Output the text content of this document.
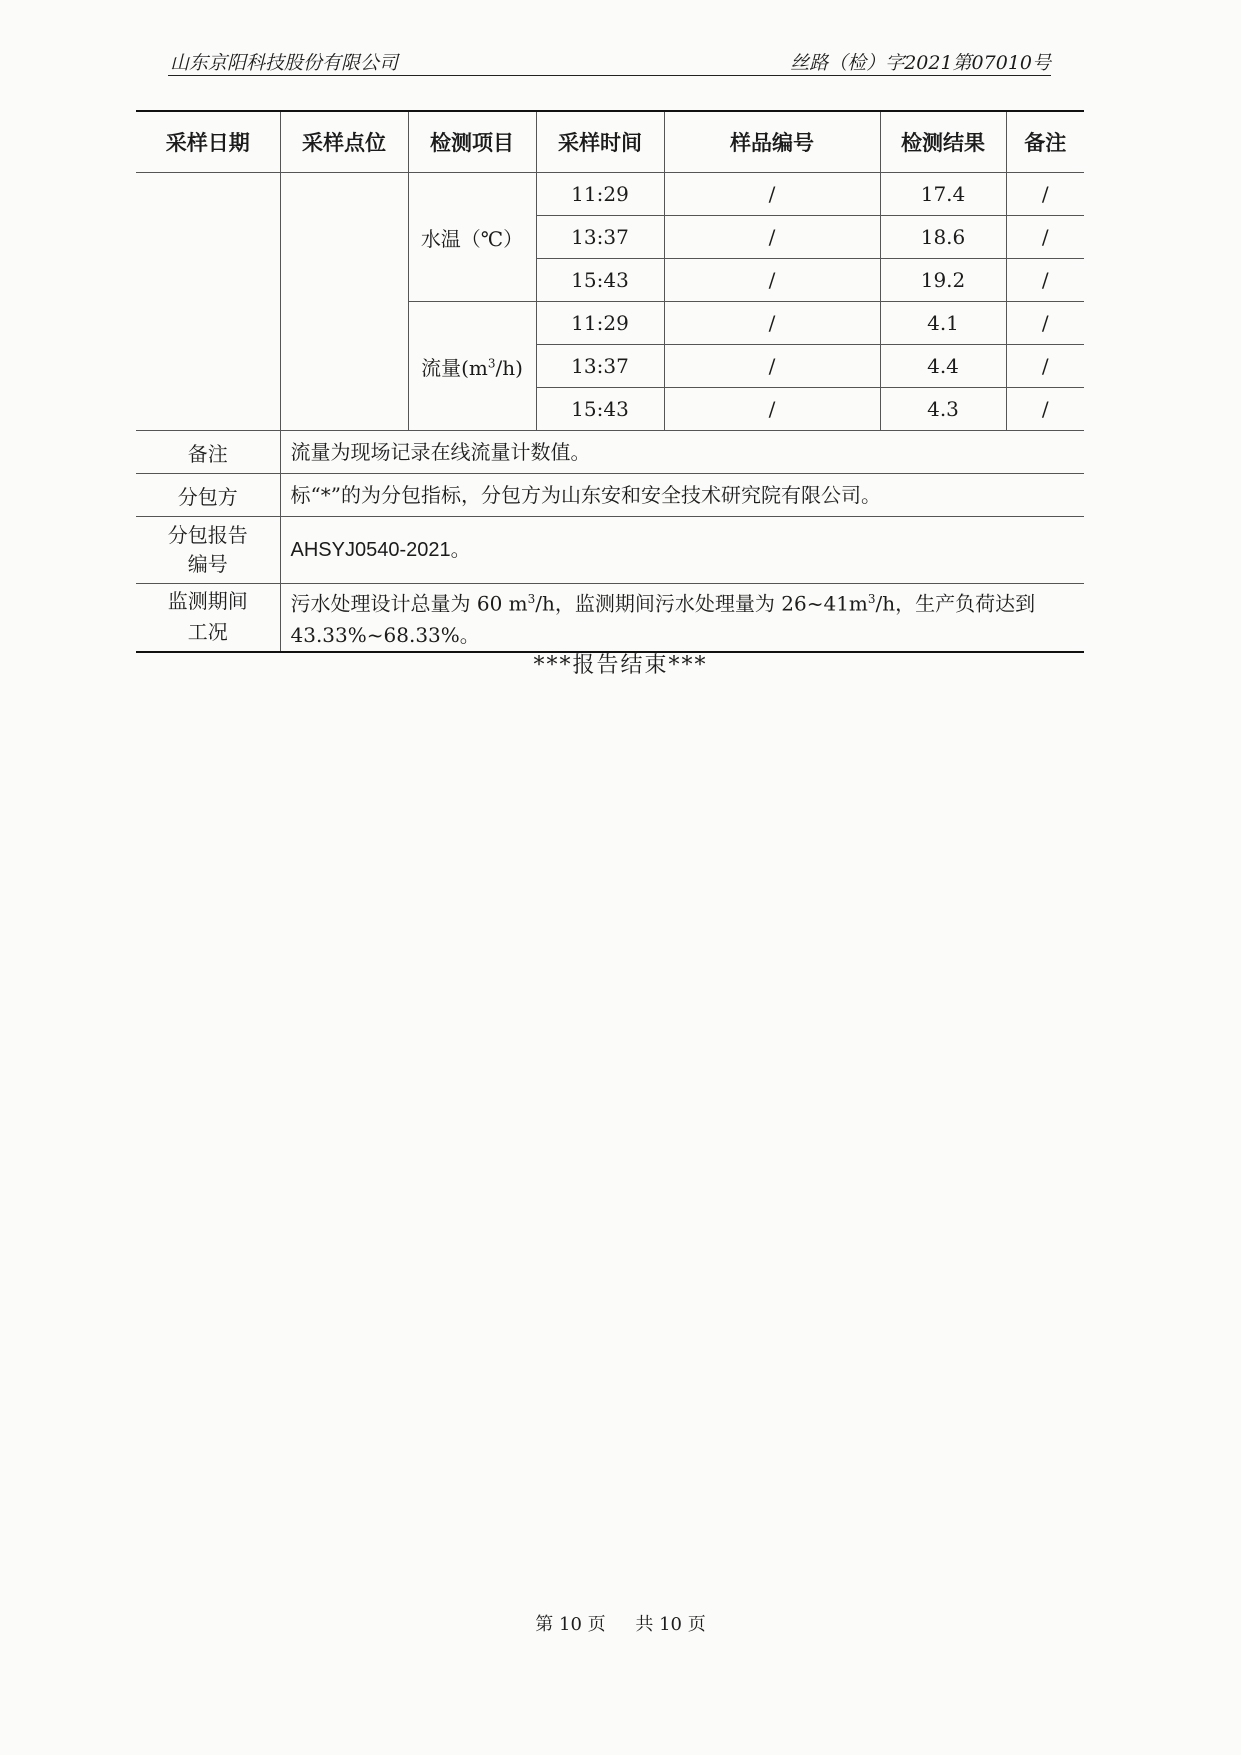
山东京阳科技股份有限公司	丝路（检）字2021第07010号
采样日期	采样点位	检测项目	采样时间	样品编号	检测结果	备注
		水温（℃）	11:29	/	17.4	/
			13:37	/	18.6	/
			15:43	/	19.2	/
		流量$(m^3/h)$	11:29	/	4.1	/
			13:37	/	4.4	/
			15:43	/	4.3	/
备注	流量为现场记录在线流量计数值。					
分包方	标“*”的为分包指标，分包方为山东安和安全技术研究院有限公司。					
分包报告
编号	AHSYJ0540-2021。					
监测期间
工况	污水处理设计总量为 60 $m^3/h$，监测期间污水处理量为 $26\sim 41m^3/h$，生产负荷达到
43.33%~68.33%。					
***报告结束***
第 10 页 共 10 页
